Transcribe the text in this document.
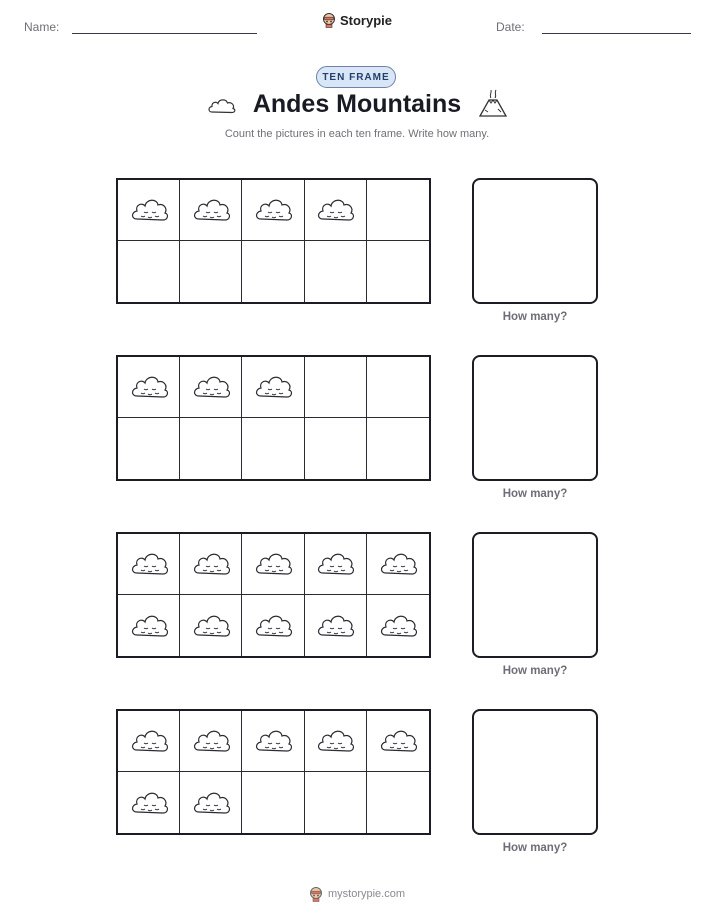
Name:	Storypie	Date:
TEN FRAME
Andes Mountains
Count the pictures in each ten frame. Write how many.
How many?
How many?
How many?
How many?
mystorypie.com
